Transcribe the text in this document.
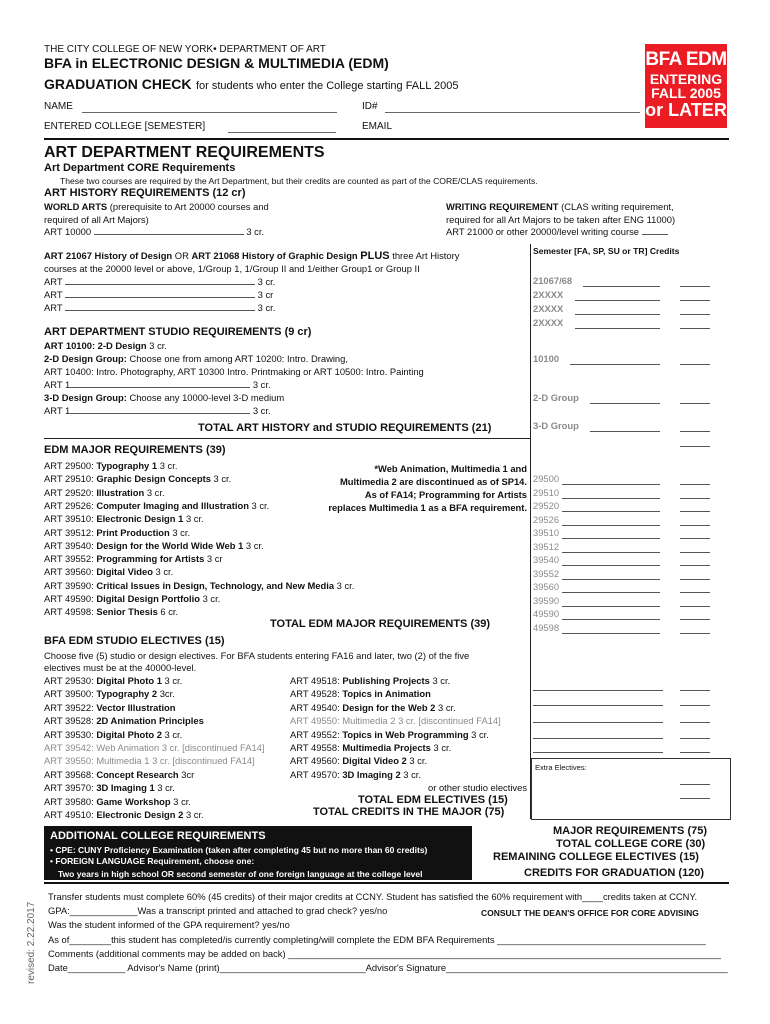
THE CITY COLLEGE OF NEW YORK• DEPARTMENT OF ART
BFA in ELECTRONIC DESIGN & MULTIMEDIA (EDM)
GRADUATION CHECK for students who enter the College starting FALL 2005
NAME	ID#
ENTERED COLLEGE [SEMESTER]	EMAIL
BFA EDM
ENTERING
FALL 2005
or LATER
ART DEPARTMENT REQUIREMENTS
Art Department CORE Requirements
These two courses are required by the Art Department, but their credits are counted as part of the CORE/CLAS requirements.
ART HISTORY REQUIREMENTS (12 cr)
WORLD ARTS (prerequisite to Art 20000 courses and
required of all Art Majors)
ART 10000	3 cr.
WRITING REQUIREMENT (CLAS writing requirement,
required for all Art Majors to be taken after ENG 11000)
ART 21000 or other 20000/level writing course
ART 21067 History of Design OR ART 21068 History of Graphic Design PLUS three Art History
courses at the 20000 level or above, 1/Group 1, 1/Group II and 1/either Group1 or Group II
ART	3 cr.
ART	3 cr
ART	3 cr.
ART DEPARTMENT STUDIO REQUIREMENTS (9 cr)
ART 10100: 2-D Design 3 cr.
2-D Design Group: Choose one from among ART 10200: Intro. Drawing,
ART 10400: Intro. Photography, ART 10300 Intro. Printmaking or ART 10500: Intro. Painting
ART 1	3 cr.
3-D Design Group: Choose any 10000-level 3-D medium
ART 1	3 cr.
TOTAL ART HISTORY and STUDIO REQUIREMENTS (21)
Semester [FA, SP, SU or TR] Credits
21067/68
2XXXX
2XXXX
2XXXX
10100
2-D Group
3-D Group
29500
29510
29520
29526
39510
39512
39540
39552
39560
39590
49590
49598
EDM MAJOR REQUIREMENTS (39)
ART 29500: Typography 1 3 cr.
ART 29510: Graphic Design Concepts 3 cr.
ART 29520: Illustration 3 cr.
ART 29526: Computer Imaging and Illustration 3 cr.
ART 39510: Electronic Design 1 3 cr.
ART 39512: Print Production 3 cr.
ART 39540: Design for the World Wide Web 1 3 cr.
ART 39552: Programming for Artists 3 cr
ART 39560: Digital Video 3 cr.
ART 39590: Critical Issues in Design, Technology, and New Media 3 cr.
ART 49590: Digital Design Portfolio 3 cr.
ART 49598: Senior Thesis 6 cr.
*Web Animation, Multimedia 1 and
Multimedia 2 are discontinued as of SP14.
As of FA14; Programming for Artists
replaces Multimedia 1 as a BFA requirement.
TOTAL EDM MAJOR REQUIREMENTS (39)
BFA EDM STUDIO ELECTIVES (15)
Choose five (5) studio or design electives. For BFA students entering FA16 and later, two (2) of the five
electives must be at the 40000-level.
ART 29530: Digital Photo 1 3 cr.
ART 39500: Typography 2 3cr.
ART 39522: Vector Illustration
ART 39528: 2D Animation Principles
ART 39530: Digital Photo 2 3 cr.
ART 39542: Web Animation 3 cr. [discontinued FA14]
ART 39550: Multimedia 1 3 cr. [discontinued FA14]
ART 39568: Concept Research 3cr
ART 39570: 3D Imaging 1 3 cr.
ART 39580: Game Workshop 3 cr.
ART 49510: Electronic Design 2 3 cr.
ART 49518: Publishing Projects 3 cr.
ART 49528: Topics in Animation
ART 49540: Design for the Web 2 3 cr.
ART 49550: Multimedia 2 3 cr. [discontinued FA14]
ART 49552: Topics in Web Programming 3 cr.
ART 49558: Multimedia Projects 3 cr.
ART 49560: Digital Video 2 3 cr.
ART 49570: 3D Imaging 2 3 cr.
or other studio electives
TOTAL EDM ELECTIVES (15)
TOTAL CREDITS IN THE MAJOR (75)
Extra Electives:
ADDITIONAL COLLEGE REQUIREMENTS
• CPE: CUNY Proficiency Examination (taken after completing 45 but no more than 60 credits)
• FOREIGN LANGUAGE Requirement, choose one:
Two years in high school OR second semester of one foreign language at the college level
MAJOR REQUIREMENTS (75)
TOTAL COLLEGE CORE (30)
REMAINING COLLEGE ELECTIVES (15)
CREDITS FOR GRADUATION (120)
Transfer students must complete 60% (45 credits) of their major credits at CCNY. Student has satisfied the 60% requirement with____credits taken at CCNY.
GPA:_____________Was a transcript printed and attached to grad check? yes/no	CONSULT THE DEAN'S OFFICE FOR CORE ADVISING
Was the student informed of the GPA requirement? yes/no
As of________this student has completed/is currently completing/will complete the EDM BFA Requirements ________________________________________
Comments (additional comments may be added on back) ___________________________________________________________________________________
Date___________ Advisor's Name (print)____________________________Advisor's Signature______________________________________________________
revised: 2.22.2017
